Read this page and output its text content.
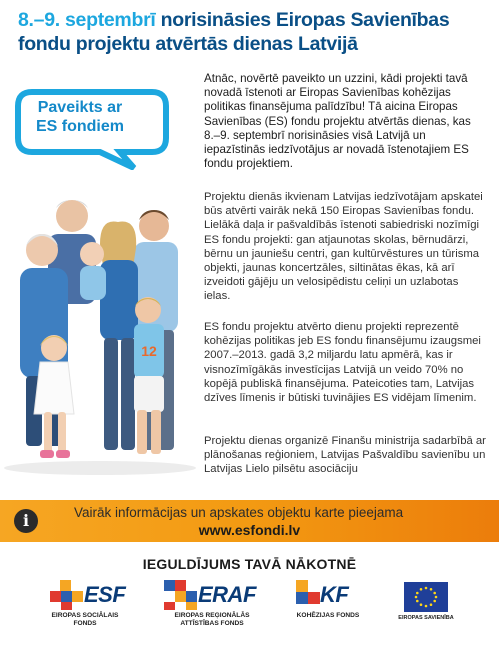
8.–9. septembrī norisināsies Eiropas Savienības
fondu projektu atvērtās dienas Latvijā
Paveikts ar
ES fondiem
12

Atnāc, novērtē paveikto un uzzini, kādi projekti tavā novadā īstenoti ar Eiropas Savienības kohēzijas politikas finansējuma palīdzību! Tā aicina Eiropas Savienības (ES) fondu projektu atvērtās dienas, kas 8.–9. septembrī norisināsies visā Latvijā un iepazīstinās iedzīvotājus ar novadā īstenotajiem ES fondu projektiem.

Projektu dienās ikvienam Latvijas iedzīvotājam apskatei būs atvērti vairāk nekā 150 Eiropas Savienības fondu. Lielākā daļa ir pašvaldībās īstenoti sabiedriski nozīmīgi ES fondu projekti: gan atjaunotas skolas, bērnudārzi, bērnu un jauniešu centri, gan kultūrvēstures un tūrisma objekti, jaunas koncertzāles, siltinātas ēkas, kā arī izveidoti gājēju un velosipēdistu celiņi un uzlabotas ielas.

ES fondu projektu atvērto dienu projekti reprezentē kohēzijas politikas jeb ES fondu finansējumu izaugsmei 2007.–2013. gadā 3,2 miljardu latu apmērā, kas ir visnozīmīgākās investīcijas Latvijā un veido 70% no kopējā publiskā finansējuma. Pateicoties tam, Latvijas dzīves līmenis ir būtiski tuvinājies ES vidējam līmenim.

Projektu dienas organizē Finanšu ministrija sadarbībā ar plānošanas reģioniem, Latvijas Pašvaldību savienību un Latvijas Lielo pilsētu asociāciju

i	Vairāk informācijas un apskates objektu karte pieejama
www.esfondi.lv
IEGULDĪJUMS TAVĀ NĀKOTNĒ
ESF
EIROPAS SOCIĀLAIS FONDS
ERAF
EIROPAS REĢIONĀLĀS ATTĪSTĪBAS FONDS
KF
KOHĒZIJAS FONDS	EIROPAS SAVIENĪBA
